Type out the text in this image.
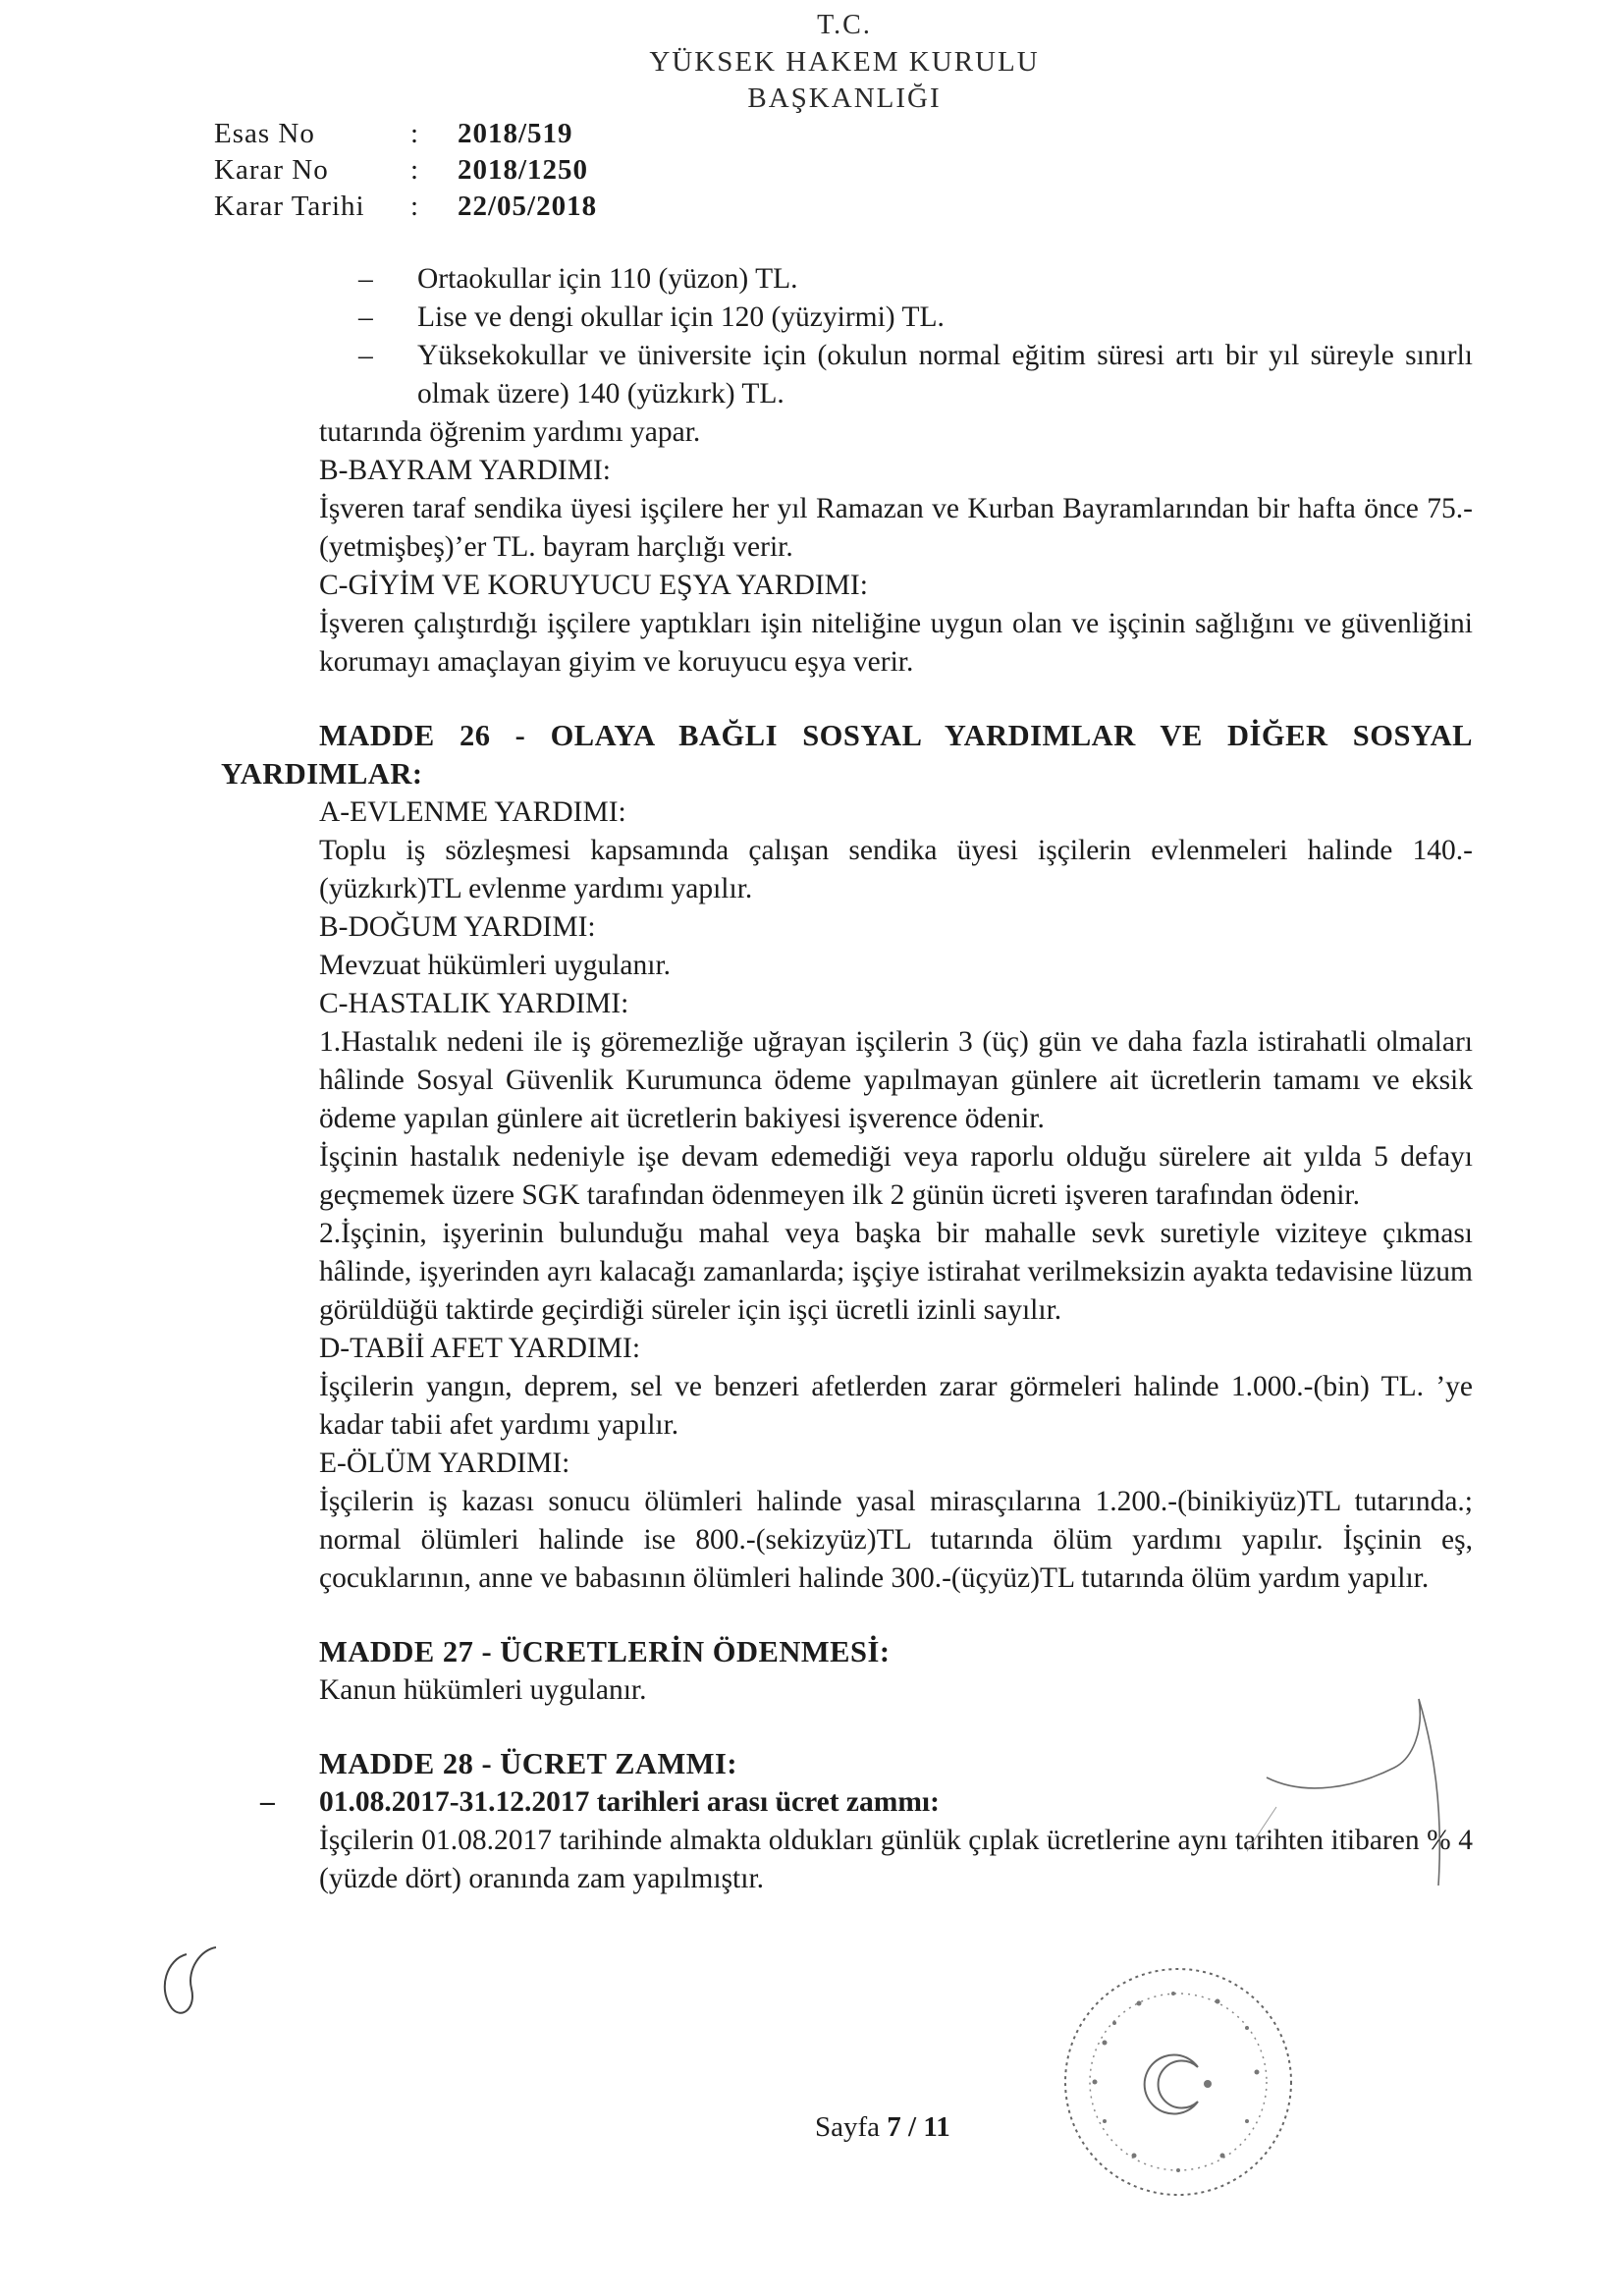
T.C.
YÜKSEK HAKEM KURULU
BAŞKANLIĞI
Esas No	:	2018/519
Karar No	:	2018/1250
Karar Tarihi	:	22/05/2018
–	Ortaokullar için 110 (yüzon) TL.
–	Lise ve dengi okullar için 120 (yüzyirmi) TL.
–	Yüksekokullar ve üniversite için (okulun normal eğitim süresi artı bir yıl süreyle sınırlı olmak üzere) 140 (yüzkırk) TL.

tutarında öğrenim yardımı yapar.

B-BAYRAM YARDIMI:

İşveren taraf sendika üyesi işçilere her yıl Ramazan ve Kurban Bayramlarından bir hafta önce 75.-(yetmişbeş)’er TL. bayram harçlığı verir.

C-GİYİM VE KORUYUCU EŞYA YARDIMI:

İşveren çalıştırdığı işçilere yaptıkları işin niteliğine uygun olan ve işçinin sağlığını ve güvenliğini korumayı amaçlayan giyim ve koruyucu eşya verir.

MADDE 26 - OLAYA BAĞLI SOSYAL YARDIMLAR VE DİĞER SOSYAL YARDIMLAR:

A-EVLENME YARDIMI:

Toplu iş sözleşmesi kapsamında çalışan sendika üyesi işçilerin evlenmeleri halinde 140.-(yüzkırk)TL evlenme yardımı yapılır.

B-DOĞUM YARDIMI:

Mevzuat hükümleri uygulanır.

C-HASTALIK YARDIMI:

1.Hastalık nedeni ile iş göremezliğe uğrayan işçilerin 3 (üç) gün ve daha fazla istirahatli olmaları hâlinde Sosyal Güvenlik Kurumunca ödeme yapılmayan günlere ait ücretlerin tamamı ve eksik ödeme yapılan günlere ait ücretlerin bakiyesi işverence ödenir.

İşçinin hastalık nedeniyle işe devam edemediği veya raporlu olduğu sürelere ait yılda 5 defayı geçmemek üzere SGK tarafından ödenmeyen ilk 2 günün ücreti işveren tarafından ödenir.

2.İşçinin, işyerinin bulunduğu mahal veya başka bir mahalle sevk suretiyle viziteye çıkması hâlinde, işyerinden ayrı kalacağı zamanlarda; işçiye istirahat verilmeksizin ayakta tedavisine lüzum görüldüğü taktirde geçirdiği süreler için işçi ücretli izinli sayılır.

D-TABİİ AFET YARDIMI:

İşçilerin yangın, deprem, sel ve benzeri afetlerden zarar görmeleri halinde 1.000.-(bin) TL. ’ye kadar tabii afet yardımı yapılır.

E-ÖLÜM YARDIMI:

İşçilerin iş kazası sonucu ölümleri halinde yasal mirasçılarına 1.200.-(binikiyüz)TL tutarında.; normal ölümleri halinde ise 800.-(sekizyüz)TL tutarında ölüm yardımı yapılır. İşçinin eş, çocuklarının, anne ve babasının ölümleri halinde 300.-(üçyüz)TL tutarında ölüm yardım yapılır.

MADDE 27 - ÜCRETLERİN ÖDENMESİ:

Kanun hükümleri uygulanır.

MADDE 28 - ÜCRET ZAMMI:

–	01.08.2017-31.12.2017 tarihleri arası ücret zammı:

İşçilerin 01.08.2017 tarihinde almakta oldukları günlük çıplak ücretlerine aynı tarihten itibaren % 4 (yüzde dört) oranında zam yapılmıştır.

Sayfa 7 / 11
